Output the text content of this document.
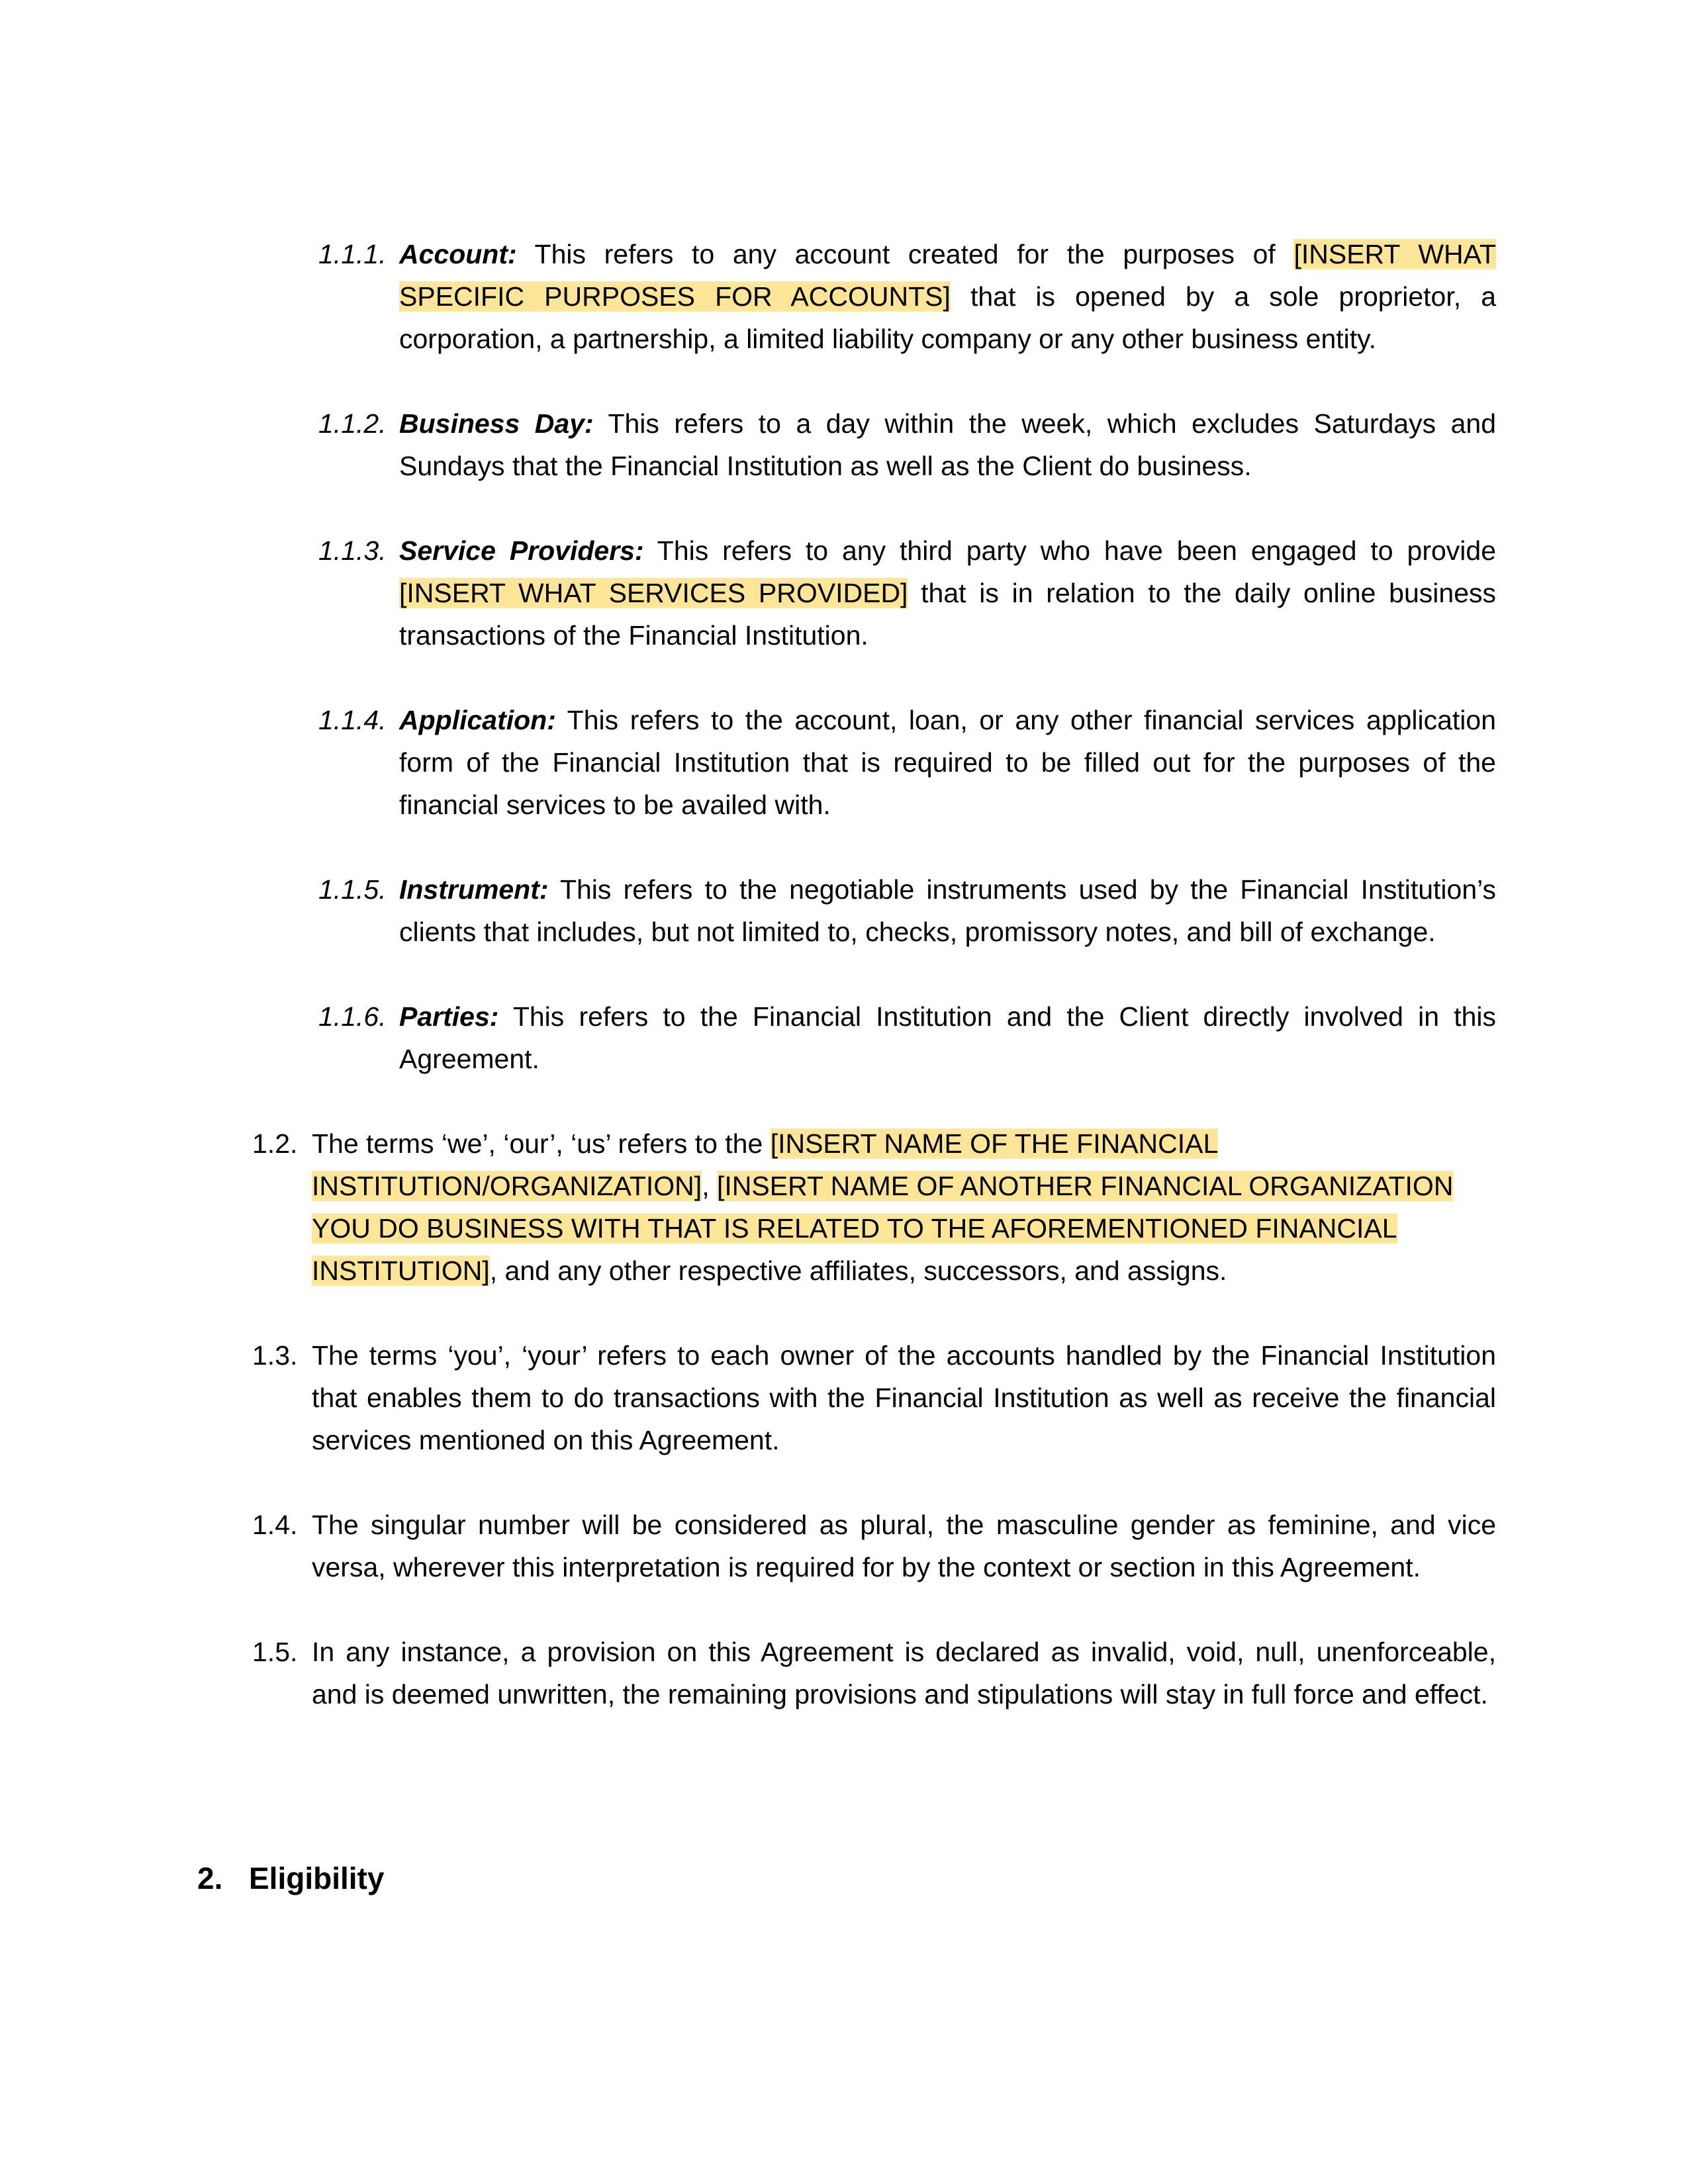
1.1.1. Account: This refers to any account created for the purposes of [INSERT WHAT SPECIFIC PURPOSES FOR ACCOUNTS] that is opened by a sole proprietor, a corporation, a partnership, a limited liability company or any other business entity.
1.1.2. Business Day: This refers to a day within the week, which excludes Saturdays and Sundays that the Financial Institution as well as the Client do business.
1.1.3. Service Providers: This refers to any third party who have been engaged to provide [INSERT WHAT SERVICES PROVIDED] that is in relation to the daily online business transactions of the Financial Institution.
1.1.4. Application: This refers to the account, loan, or any other financial services application form of the Financial Institution that is required to be filled out for the purposes of the financial services to be availed with.
1.1.5. Instrument: This refers to the negotiable instruments used by the Financial Institution’s clients that includes, but not limited to, checks, promissory notes, and bill of exchange.
1.1.6. Parties: This refers to the Financial Institution and the Client directly involved in this Agreement.
1.2. The terms ‘we’, ‘our’, ‘us’ refers to the [INSERT NAME OF THE FINANCIAL INSTITUTION/ORGANIZATION], [INSERT NAME OF ANOTHER FINANCIAL ORGANIZATION YOU DO BUSINESS WITH THAT IS RELATED TO THE AFOREMENTIONED FINANCIAL INSTITUTION], and any other respective affiliates, successors, and assigns.
1.3. The terms ‘you’, ‘your’ refers to each owner of the accounts handled by the Financial Institution that enables them to do transactions with the Financial Institution as well as receive the financial services mentioned on this Agreement.
1.4. The singular number will be considered as plural, the masculine gender as feminine, and vice versa, wherever this interpretation is required for by the context or section in this Agreement.
1.5. In any instance, a provision on this Agreement is declared as invalid, void, null, unenforceable, and is deemed unwritten, the remaining provisions and stipulations will stay in full force and effect.
2. Eligibility
